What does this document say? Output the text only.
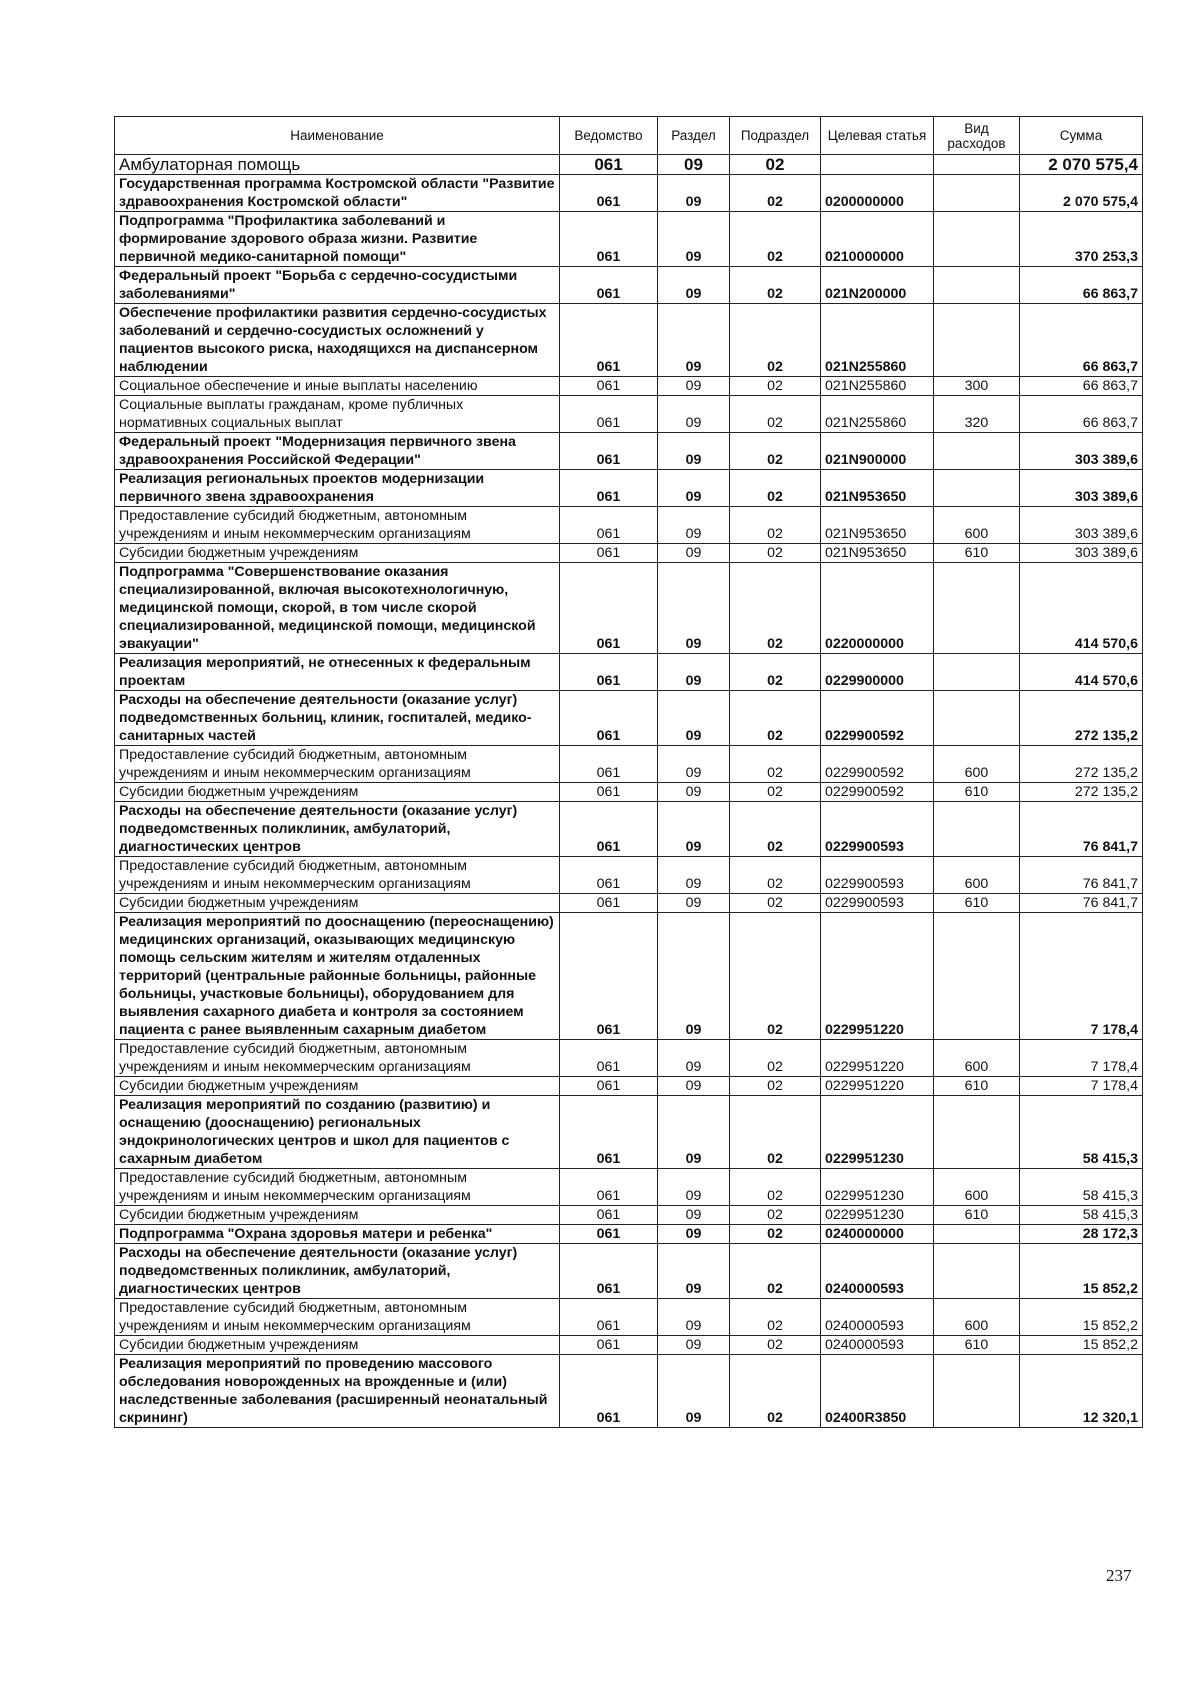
Наименование	Ведомство	Раздел	Подраздел	Целевая статья	Вид расходов	Сумма
Амбулаторная помощь	061	09	02			2 070 575,4
Государственная программа Костромской области "Развитие здравоохранения Костромской области"	061	09	02	0200000000		2 070 575,4
Подпрограмма "Профилактика заболеваний и формирование здорового образа жизни. Развитие первичной медико-санитарной помощи"	061	09	02	0210000000		370 253,3
Федеральный проект "Борьба с сердечно-сосудистыми заболеваниями"	061	09	02	021N200000		66 863,7
Обеспечение профилактики развития сердечно-сосудистых заболеваний и сердечно-сосудистых осложнений у пациентов высокого риска, находящихся на диспансерном наблюдении	061	09	02	021N255860		66 863,7
Социальное обеспечение и иные выплаты населению	061	09	02	021N255860	300	66 863,7
Социальные выплаты гражданам, кроме публичных нормативных социальных выплат	061	09	02	021N255860	320	66 863,7
Федеральный проект "Модернизация первичного звена здравоохранения Российской Федерации"	061	09	02	021N900000		303 389,6
Реализация региональных проектов модернизации первичного звена здравоохранения	061	09	02	021N953650		303 389,6
Предоставление субсидий бюджетным, автономным учреждениям и иным некоммерческим организациям	061	09	02	021N953650	600	303 389,6
Субсидии бюджетным учреждениям	061	09	02	021N953650	610	303 389,6
Подпрограмма "Совершенствование оказания специализированной, включая высокотехнологичную, медицинской помощи, скорой, в том числе скорой специализированной, медицинской помощи, медицинской эвакуации"	061	09	02	0220000000		414 570,6
Реализация мероприятий, не отнесенных к федеральным проектам	061	09	02	0229900000		414 570,6
Расходы на обеспечение деятельности (оказание услуг) подведомственных больниц, клиник, госпиталей, медико-санитарных частей	061	09	02	0229900592		272 135,2
Предоставление субсидий бюджетным, автономным учреждениям и иным некоммерческим организациям	061	09	02	0229900592	600	272 135,2
Субсидии бюджетным учреждениям	061	09	02	0229900592	610	272 135,2
Расходы на обеспечение деятельности (оказание услуг) подведомственных поликлиник, амбулаторий, диагностических центров	061	09	02	0229900593		76 841,7
Предоставление субсидий бюджетным, автономным учреждениям и иным некоммерческим организациям	061	09	02	0229900593	600	76 841,7
Субсидии бюджетным учреждениям	061	09	02	0229900593	610	76 841,7
Реализация мероприятий по дооснащению (переоснащению) медицинских организаций, оказывающих медицинскую помощь сельским жителям и жителям отдаленных территорий (центральные районные больницы, районные больницы, участковые больницы), оборудованием для выявления сахарного диабета и контроля за состоянием пациента с ранее выявленным сахарным диабетом	061	09	02	0229951220		7 178,4
Предоставление субсидий бюджетным, автономным учреждениям и иным некоммерческим организациям	061	09	02	0229951220	600	7 178,4
Субсидии бюджетным учреждениям	061	09	02	0229951220	610	7 178,4
Реализация мероприятий по созданию (развитию) и оснащению (дооснащению) региональных эндокринологических центров и школ для пациентов с сахарным диабетом	061	09	02	0229951230		58 415,3
Предоставление субсидий бюджетным, автономным учреждениям и иным некоммерческим организациям	061	09	02	0229951230	600	58 415,3
Субсидии бюджетным учреждениям	061	09	02	0229951230	610	58 415,3
Подпрограмма "Охрана здоровья матери и ребенка"	061	09	02	0240000000		28 172,3
Расходы на обеспечение деятельности (оказание услуг) подведомственных поликлиник, амбулаторий, диагностических центров	061	09	02	0240000593		15 852,2
Предоставление субсидий бюджетным, автономным учреждениям и иным некоммерческим организациям	061	09	02	0240000593	600	15 852,2
Субсидии бюджетным учреждениям	061	09	02	0240000593	610	15 852,2
Реализация мероприятий по проведению массового обследования новорожденных на врожденные и (или) наследственные заболевания (расширенный неонатальный скрининг)	061	09	02	02400R3850		12 320,1
237
